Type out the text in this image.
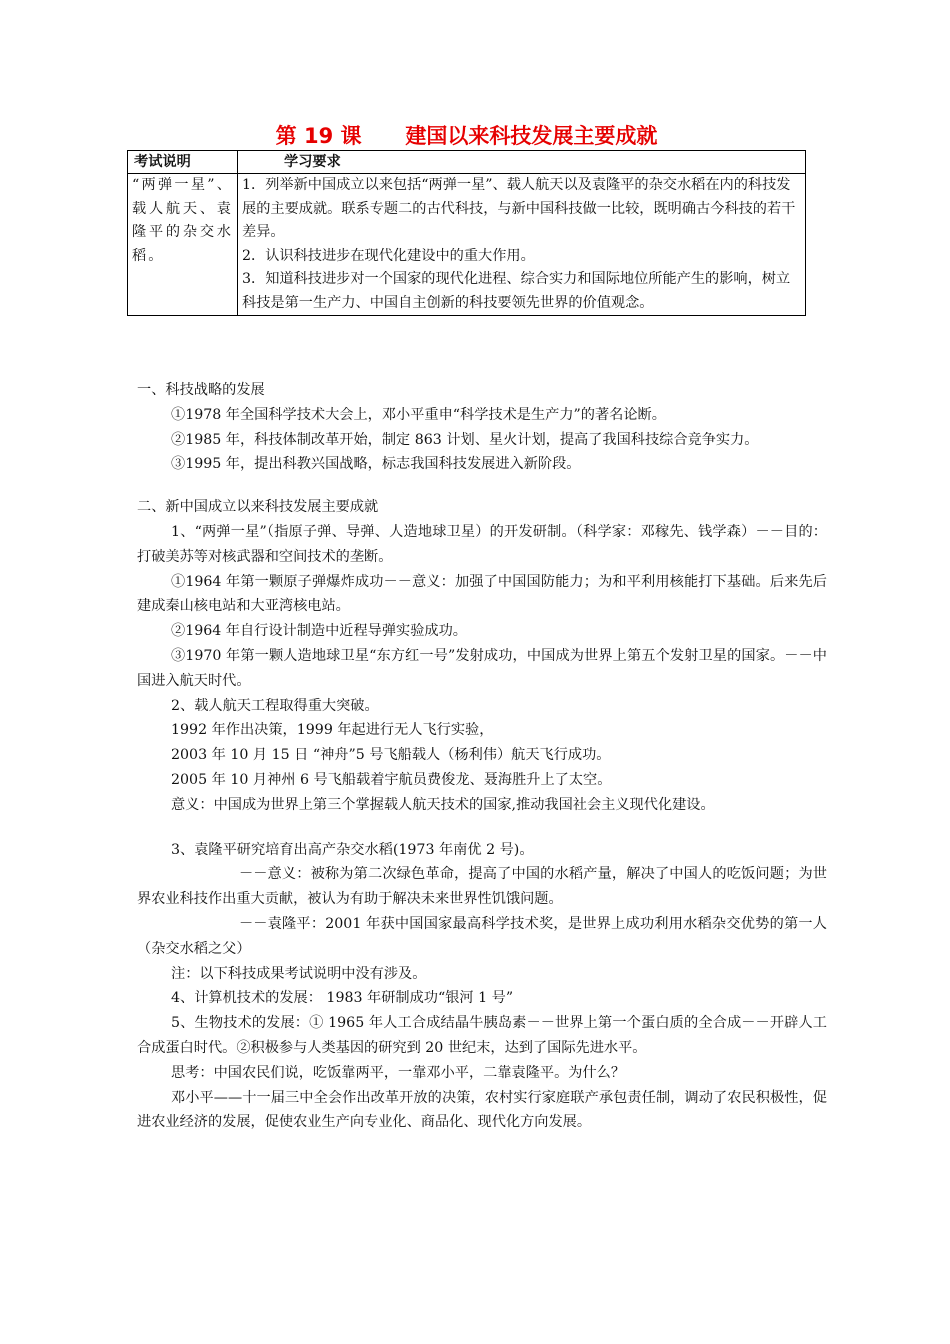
第 19 课      建国以来科技发展主要成就
考试说明	学习要求
“两弹一星”、载人航天、袁隆平的杂交水稻。	1．列举新中国成立以来包括“两弹一星”、载人航天以及袁隆平的杂交水稻在内的科技发展的主要成就。联系专题二的古代科技，与新中国科技做一比较，既明确古今科技的若干差异。
2．认识科技进步在现代化建设中的重大作用。
3．知道科技进步对一个国家的现代化进程、综合实力和国际地位所能产生的影响，树立科技是第一生产力、中国自主创新的科技要领先世界的价值观念。

一、科技战略的发展

①1978 年全国科学技术大会上，邓小平重申“科学技术是生产力”的著名论断。

②1985 年，科技体制改革开始，制定 863 计划、星火计划，提高了我国科技综合竞争实力。

③1995 年，提出科教兴国战略，标志我国科技发展进入新阶段。

二、新中国成立以来科技发展主要成就

1、“两弹一星”（指原子弹、导弹、人造地球卫星）的开发研制。（科学家：邓稼先、钱学森）－－目的：打破美苏等对核武器和空间技术的垄断。

①1964 年第一颗原子弹爆炸成功－－意义：加强了中国国防能力；为和平利用核能打下基础。后来先后建成秦山核电站和大亚湾核电站。

②1964 年自行设计制造中近程导弹实验成功。

③1970 年第一颗人造地球卫星“东方红一号”发射成功，中国成为世界上第五个发射卫星的国家。－－中国进入航天时代。

2、载人航天工程取得重大突破。

1992 年作出决策，1999 年起进行无人飞行实验，

2003 年 10 月 15 日 “神舟”5 号飞船载人（杨利伟）航天飞行成功。

2005 年 10 月神州 6 号飞船载着宇航员费俊龙、聂海胜升上了太空。

意义：中国成为世界上第三个掌握载人航天技术的国家,推动我国社会主义现代化建设。

3、袁隆平研究培育出高产杂交水稻(1973 年南优 2 号)。

－－意义：被称为第二次绿色革命，提高了中国的水稻产量，解决了中国人的吃饭问题；为世界农业科技作出重大贡献，被认为有助于解决未来世界性饥饿问题。

－－袁隆平：2001 年获中国国家最高科学技术奖，是世界上成功利用水稻杂交优势的第一人（杂交水稻之父）

注：以下科技成果考试说明中没有涉及。

4、计算机技术的发展： 1983 年研制成功“银河 1 号”

5、生物技术的发展：① 1965 年人工合成结晶牛胰岛素－－世界上第一个蛋白质的全合成－－开辟人工合成蛋白时代。②积极参与人类基因的研究到 20 世纪末，达到了国际先进水平。

思考：中国农民们说，吃饭靠两平，一靠邓小平，二靠袁隆平。为什么？

邓小平——十一届三中全会作出改革开放的决策，农村实行家庭联产承包责任制，调动了农民积极性，促进农业经济的发展，促使农业生产向专业化、商品化、现代化方向发展。
